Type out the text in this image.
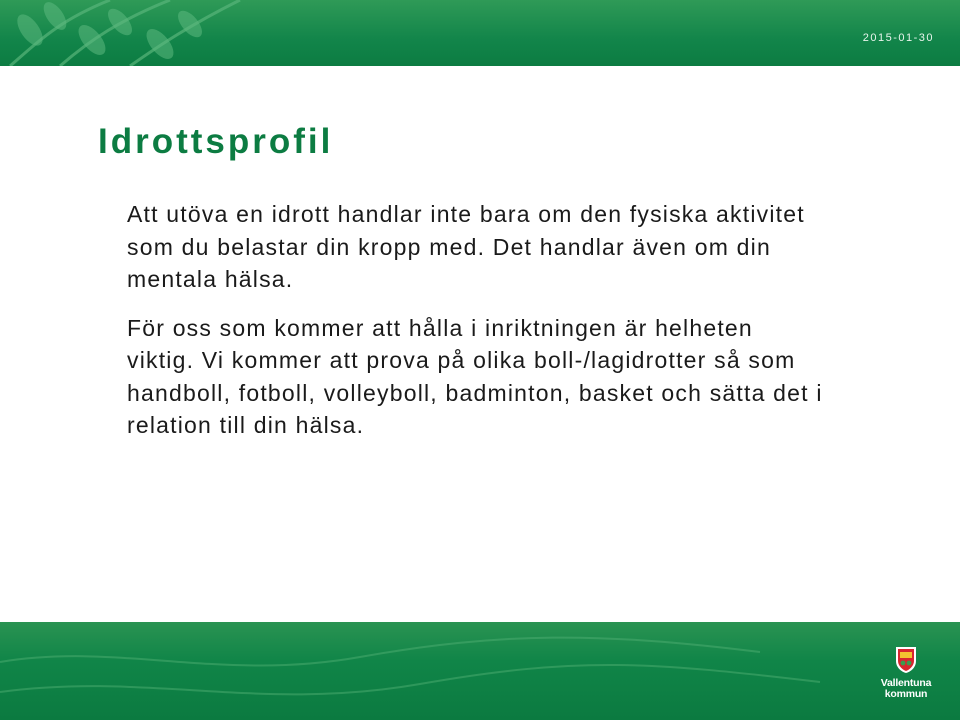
2015-01-30
Idrottsprofil

Att utöva en idrott handlar inte bara om den fysiska aktivitet som du belastar din kropp med. Det handlar även om din mentala hälsa.

För oss som kommer att hålla i inriktningen är helheten viktig. Vi kommer att prova på olika boll-/lagidrotter så som handboll, fotboll, volleyboll, badminton, basket och sätta det i relation till din hälsa.

Vallentuna
kommun
